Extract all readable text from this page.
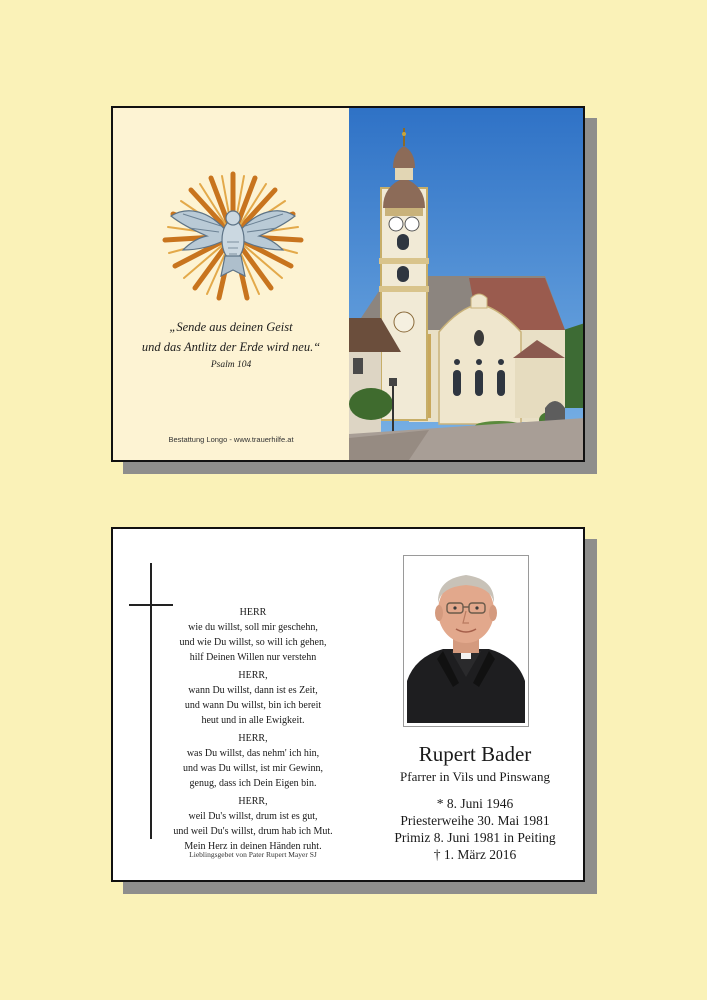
„Sende aus deinen Geist
und das Antlitz der Erde wird neu.“
Psalm 104
Bestattung Longo - www.trauerhilfe.at
HERR
wie du willst, soll mir geschehn,
und wie Du willst, so will ich gehen,
hilf Deinen Willen nur verstehn
HERR,
wann Du willst, dann ist es Zeit,
und wann Du willst, bin ich bereit
heut und in alle Ewigkeit.
HERR,
was Du willst, das nehm' ich hin,
und was Du willst, ist mir Gewinn,
genug, dass ich Dein Eigen bin.
HERR,
weil Du's willst, drum ist es gut,
und weil Du's willst, drum hab ich Mut.
Mein Herz in deinen Händen ruht.
Lieblingsgebet von Pater Rupert Mayer SJ
Rupert Bader
Pfarrer in Vils und Pinswang
* 8. Juni 1946
Priesterweihe 30. Mai 1981
Primiz 8. Juni 1981 in Peiting
† 1. März 2016
